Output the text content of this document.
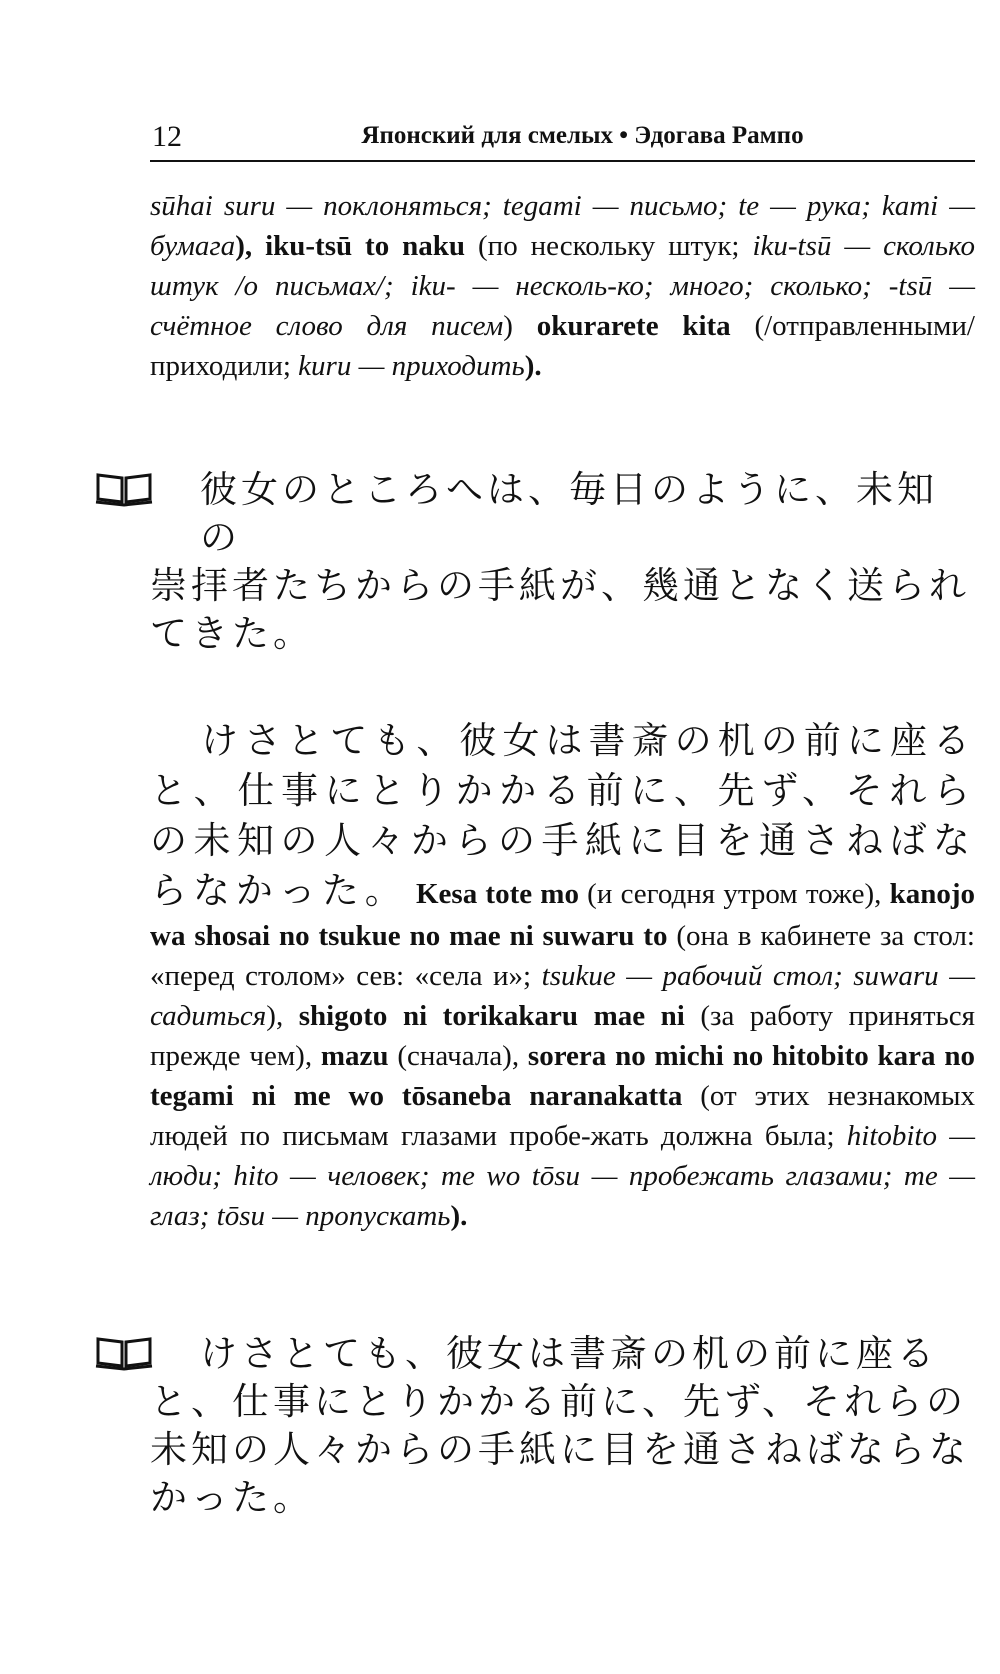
12	Японский для смелых • Эдогава Рампо
sūhai suru — поклоняться; tegami — письмо; te — рука; kami — бумага), iku-tsū to naku (по нескольку штук; iku-tsū — сколько штук /о письмах/; iku- — несколь-ко; много; сколько; -tsū — счётное слово для писем) okurarete kita (/отправленными/ приходили; kuru — приходить).

彼女のところへは、毎日のように、未知の

崇拝者たちからの手紙が、幾通となく送られ

てきた。

けさとても、彼女は書斎の机の前に座ると、仕事にとりかかる前に、先ず、それらの未知の人々からの手紙に目を通さねばならなかった。 Kesa tote mo (и сегодня утром тоже), kanojo wa shosai no tsukue no mae ni suwaru to (она в кабинете за стол: «перед столом» сев: «села и»; tsukue — рабочий стол; suwaru — садиться), shigoto ni torikakaru mae ni (за работу приняться прежде чем), mazu (сначала), sorera no michi no hitobito kara no tegami ni me wo tōsaneba naranakatta (от этих незнакомых людей по письмам глазами пробе-жать должна была; hitobito — люди; hito — человек; me wo tōsu — пробежать глазами; me — глаз; tōsu — пропускать).

けさとても、彼女は書斎の机の前に座る

と、仕事にとりかかる前に、先ず、それらの

未知の人々からの手紙に目を通さねばならな

かった。
